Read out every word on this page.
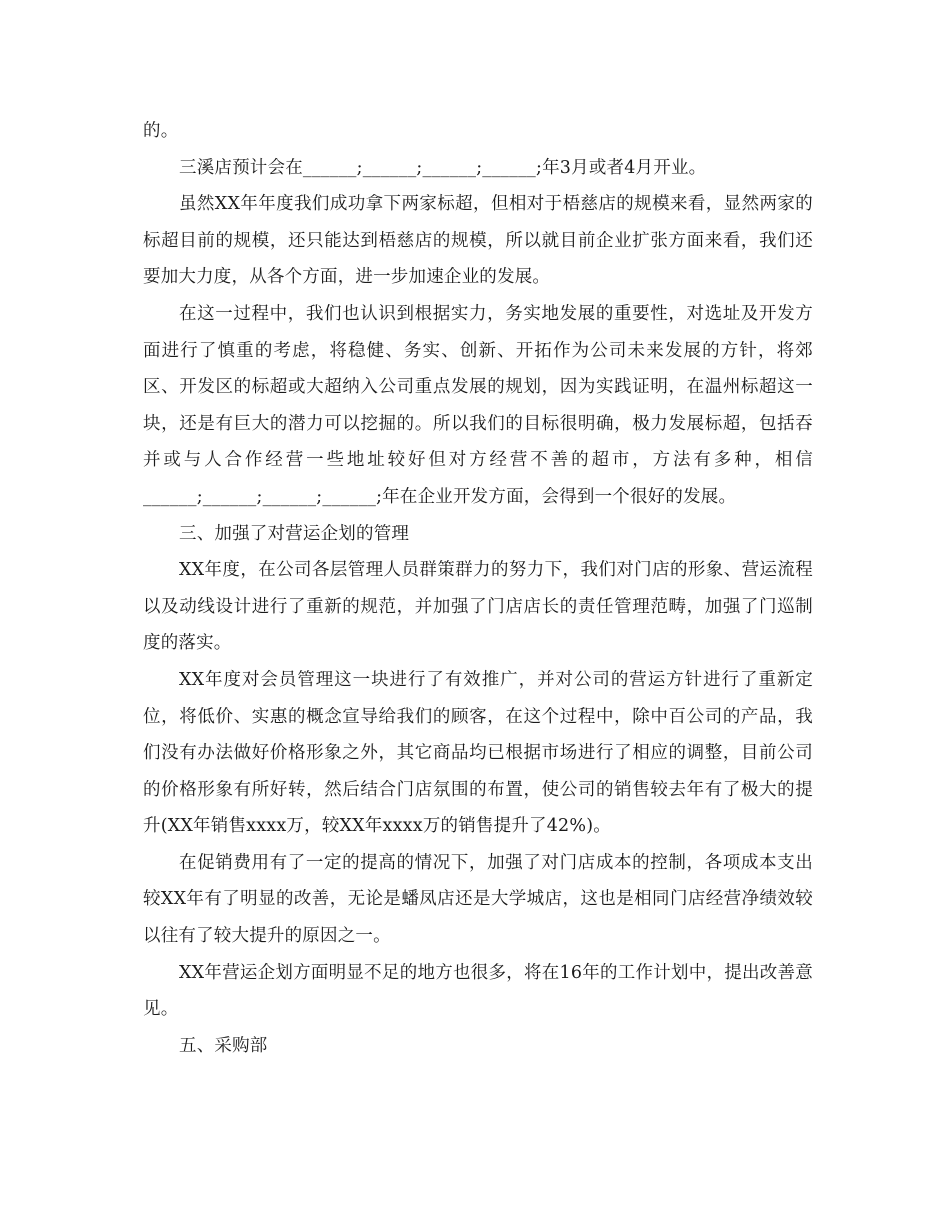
的。

三溪店预计会在______;______;______;______;年3月或者4月开业。

虽然XX年年度我们成功拿下两家标超，但相对于梧慈店的规模来看，显然两家的标超目前的规模，还只能达到梧慈店的规模，所以就目前企业扩张方面来看，我们还要加大力度，从各个方面，进一步加速企业的发展。

在这一过程中，我们也认识到根据实力，务实地发展的重要性，对选址及开发方面进行了慎重的考虑，将稳健、务实、创新、开拓作为公司未来发展的方针，将郊区、开发区的标超或大超纳入公司重点发展的规划，因为实践证明，在温州标超这一块，还是有巨大的潜力可以挖掘的。所以我们的目标很明确，极力发展标超，包括吞并或与人合作经营一些地址较好但对方经营不善的超市，方法有多种，相信______;______;______;______;年在企业开发方面，会得到一个很好的发展。

三、加强了对营运企划的管理

XX年度，在公司各层管理人员群策群力的努力下，我们对门店的形象、营运流程以及动线设计进行了重新的规范，并加强了门店店长的责任管理范畴，加强了门巡制度的落实。

XX年度对会员管理这一块进行了有效推广，并对公司的营运方针进行了重新定位，将低价、实惠的概念宣导给我们的顾客，在这个过程中，除中百公司的产品，我们没有办法做好价格形象之外，其它商品均已根据市场进行了相应的调整，目前公司的价格形象有所好转，然后结合门店氛围的布置，使公司的销售较去年有了极大的提升(XX年销售xxxx万，较XX年xxxx万的销售提升了42%)。

在促销费用有了一定的提高的情况下，加强了对门店成本的控制，各项成本支出较XX年有了明显的改善，无论是蟠凤店还是大学城店，这也是相同门店经营净绩效较以往有了较大提升的原因之一。

XX年营运企划方面明显不足的地方也很多，将在16年的工作计划中，提出改善意见。

五、采购部
